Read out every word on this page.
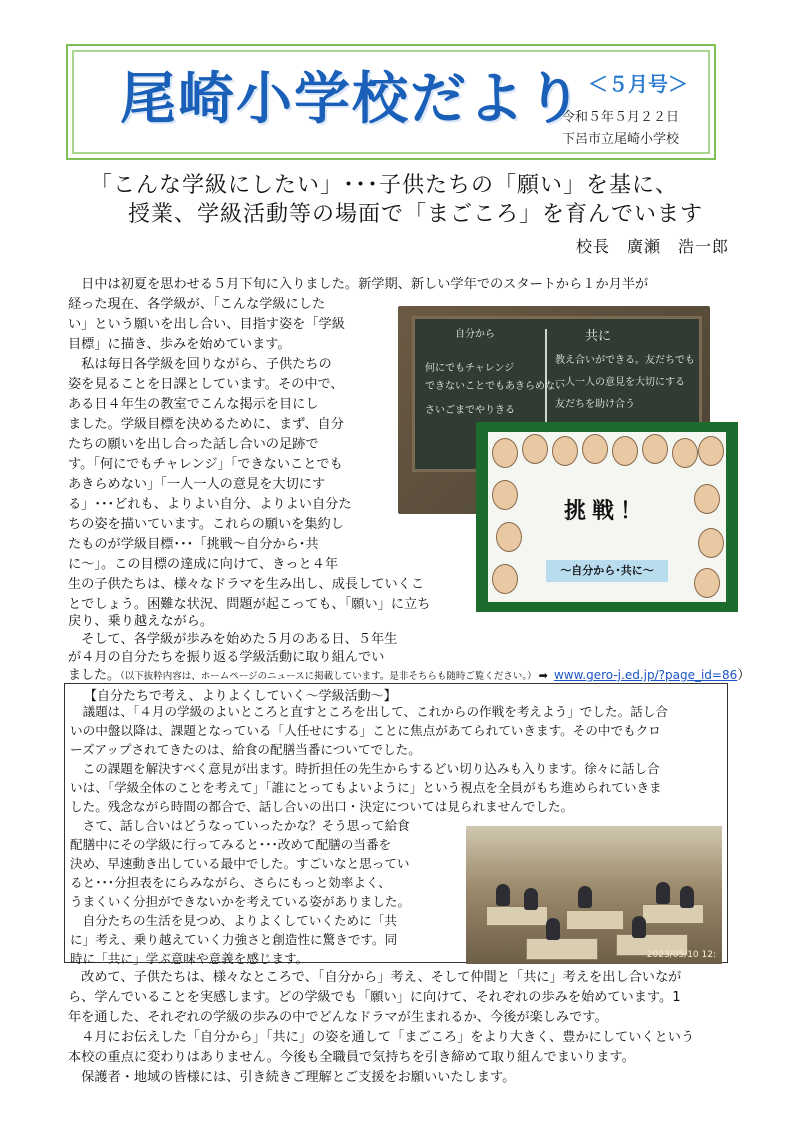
尾崎小学校だより ＜５月号＞
令和５年５月２２日
下呂市立尾崎小学校
「こんな学級にしたい」･･･子供たちの「願い」を基に、
授業、学級活動等の場面で「まごころ」を育んでいます
校長　廣瀬　浩一郎
　日中は初夏を思わせる５月下旬に入りました。新学期、新しい学年でのスタートから１か月半が
経った現在、各学級が、「こんな学級にした
い」という願いを出し合い、目指す姿を「学級
目標」に描き、歩みを始めています。
　私は毎日各学級を回りながら、子供たちの
姿を見ることを日課としています。その中で、
ある日４年生の教室でこんな掲示を目にし
ました。学級目標を決めるために、まず、自分
たちの願いを出し合った話し合いの足跡で
す。「何にでもチャレンジ」「できないことでも
あきらめない」「一人一人の意見を大切にす
る」･･･どれも、よりよい自分、よりよい自分た
ちの姿を描いています。これらの願いを集約し
たものが学級目標･･･「挑戦～自分から･共
に～」。この目標の達成に向けて、きっと４年
生の子供たちは、様々なドラマを生み出し、成長していくこ
とでしょう。困難な状況、問題が起こっても、「願い」に立ち
戻り、乗り越えながら。
　そして、各学級が歩みを始めた５月のある日、５年生
ました。（以下抜粋内容は、ホームページのニュースに掲載しています。是非そちらも随時ご覧ください。） ➡ www.gero-j.ed.jp/?page_id=86）
自分から	共に
何にでもチャレンジ
できないことでもあきらめない
さいごまでやりきる
教え合いができる。友だちでも
一人一人の意見を大切にする
友だちを助け合う
挑戦！
～自分から･共に～
【自分たちで考え、よりよくしていく～学級活動～】
　議題は、「４月の学級のよいところと直すところを出して、これからの作戦を考えよう」でした。話し合
いの中盤以降は、課題となっている「人任せにする」ことに焦点があてられていきます。その中でもクロ
ーズアップされてきたのは、給食の配膳当番についてでした。
　この課題を解決すべく意見が出ます。時折担任の先生からするどい切り込みも入ります。徐々に話し合
いは、「学級全体のことを考えて」「誰にとってもよいように」という視点を全員がもち進められていきま
した。残念ながら時間の都合で、話し合いの出口・決定については見られませんでした。
　さて、話し合いはどうなっていったかな？そう思って給食
配膳中にその学級に行ってみると･･･改めて配膳の当番を
決め、早速動き出している最中でした。すごいなと思ってい
ると･･･分担表をにらみながら、さらにもっと効率よく、
うまくいく分担ができないかを考えている姿がありました。
　自分たちの生活を見つめ、よりよくしていくために「共
に」考え、乗り越えていく力強さと創造性に驚きです。同
時に「共に」学ぶ意味や意義を感じます。	2023/05/10 12:
　改めて、子供たちは、様々なところで、「自分から」考え、そして仲間と「共に」考えを出し合いなが
ら、学んでいることを実感します。どの学級でも「願い」に向けて、それぞれの歩みを始めています。1
年を通した、それぞれの学級の歩みの中でどんなドラマが生まれるか、今後が楽しみです。
　４月にお伝えした「自分から」「共に」の姿を通して「まごころ」をより大きく、豊かにしていくという
本校の重点に変わりはありません。今後も全職員で気持ちを引き締めて取り組んでまいります。
　保護者・地域の皆様には、引き続きご理解とご支援をお願いいたします。
が４月の自分たちを振り返る学級活動に取り組んでい
